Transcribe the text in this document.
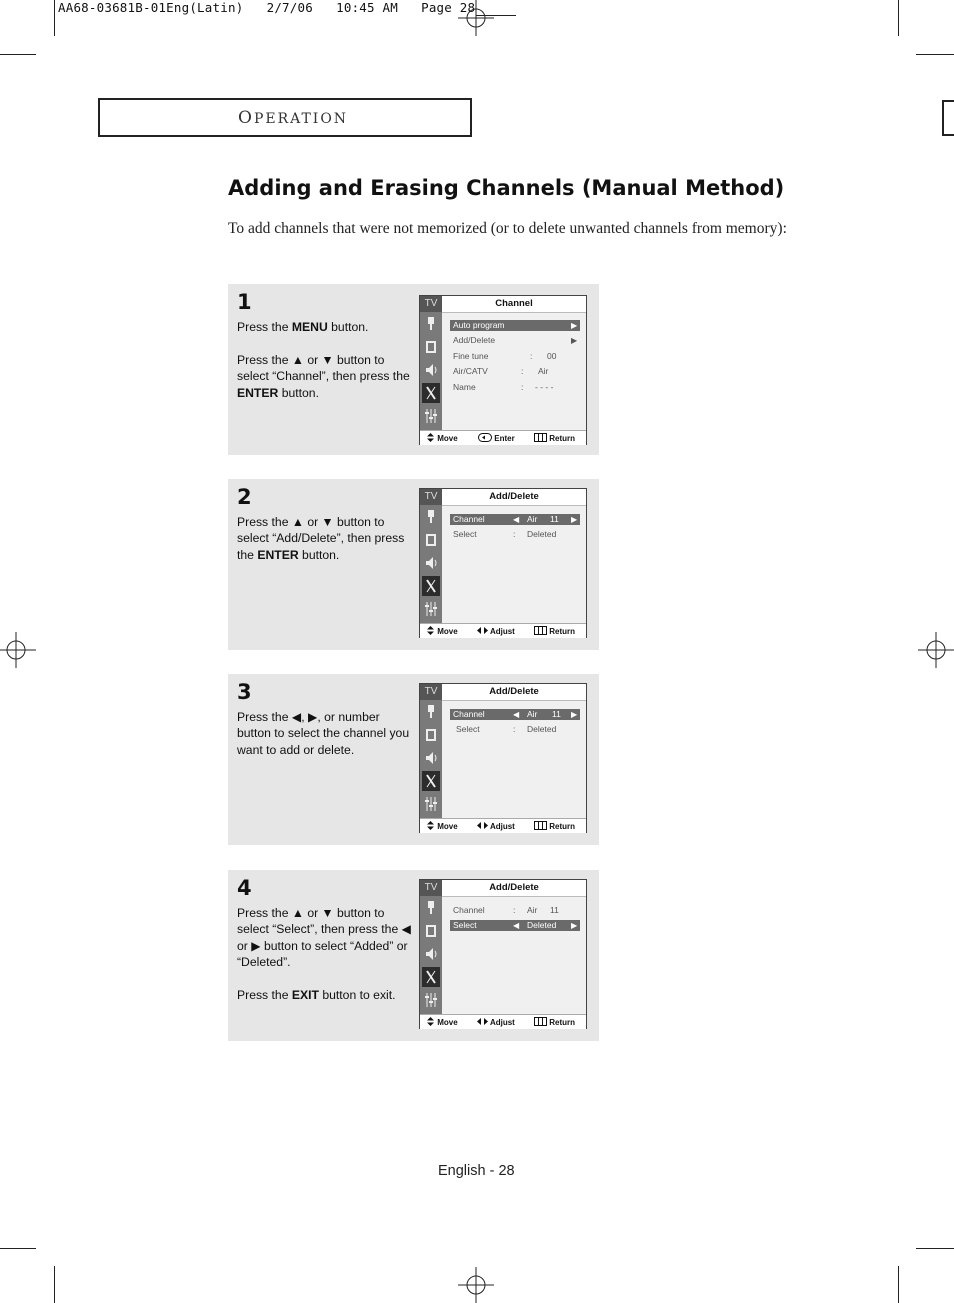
AA68-03681B-01Eng(Latin)   2/7/06   10:45 AM   Page 28
OPERATION
Adding and Erasing Channels (Manual Method)
To add channels that were not memorized (or to delete unwanted channels from memory):
1

Press the MENU button.

Press the ▲ or ▼ button to select “Channel”, then press the ENTER button.

TV	Channel
Auto program	▶
Add/Delete	▶
Fine tune	: 00
Air/CATV	: Air
Name	: - - - -
Move	Enter	Return
2

Press the ▲ or ▼ button to select “Add/Delete”, then press the ENTER button.

TV	Add/Delete
Channel	◀ Air 11 ▶
Select	: Deleted
Move	Adjust	Return
3

Press the ◀, ▶, or number button to select the channel you want to add or delete.

TV	Add/Delete
Channel	◀ Air 11 ▶
Select	: Deleted
Move	Adjust	Return
4

Press the ▲ or ▼ button to select “Select”, then press the ◀ or ▶ button to select “Added” or “Deleted”.

Press the EXIT button to exit.

TV	Add/Delete
Channel	: Air 11
Select	◀ Deleted ▶
Move	Adjust	Return
English - 28
